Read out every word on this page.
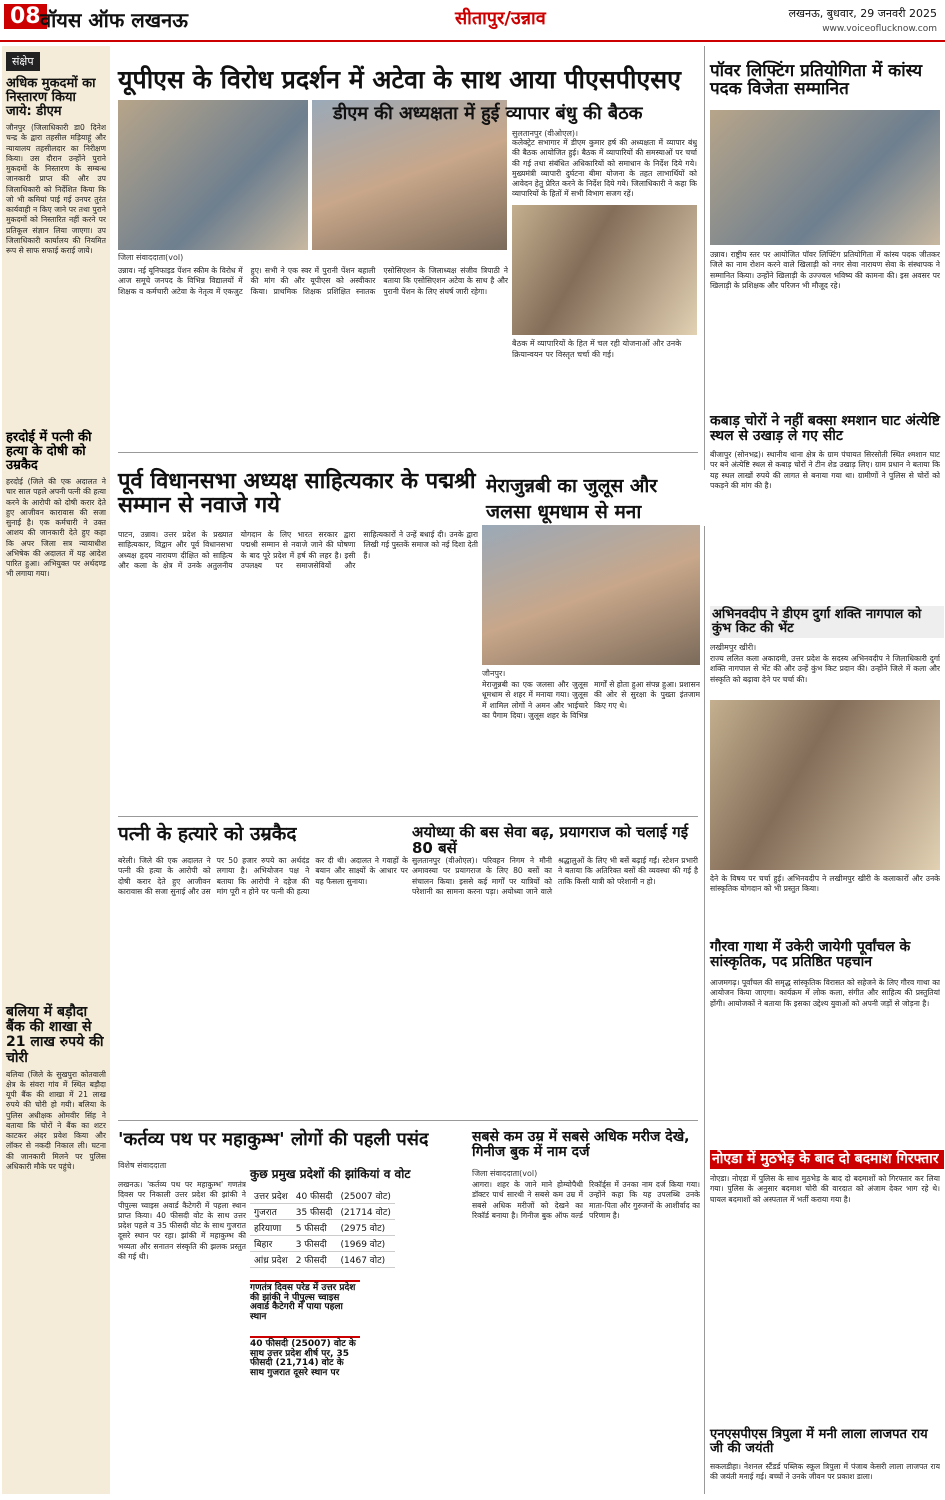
08 वॉयस ऑफ लखनऊ	सीतापुर/उन्नाव	लखनऊ, बुधवार, 29 जनवरी 2025
www.voiceoflucknow.com
संक्षेप
अधिक मुकदमों का निस्तारण किया जाये: डीएम
जौनपुर (जिलाधिकारी डा0 दिनेश चन्द्र के द्वारा तहसील मड़ियाहूं और न्यायालय तहसीलदार का निरीक्षण किया। उस दौरान उन्होंने पुराने मुकदमों के निस्तारण के सम्बन्ध जानकारी प्राप्त की और उप जिलाधिकारी को निर्देशित किया कि जो भी कमियां पाई गई उनपर तुरंत कार्यवाही न किए जाने पर तथा पुराने मुकदमों को निस्तारित नहीं करने पर प्रतिकूल संज्ञान लिया जाएगा। उप जिलाधिकारी कार्यालय की नियमित रूप से साफ सफाई कराई जाये।
हरदोई में पत्नी की हत्या के दोषी को उम्रकैद
हरदोई (जिले की एक अदालत ने चार साल पहले अपनी पत्नी की हत्या करने के आरोपी को दोषी करार देते हुए आजीवन कारावास की सजा सुनाई है। एक कर्मचारी ने उक्त आशय की जानकारी देते हुए कहा कि अपर जिला सत्र न्यायाधीश अभिषेक की अदालत में यह आदेश पारित हुआ। अभियुक्त पर अर्थदण्ड भी लगाया गया।
बलिया में बड़ौदा बैंक की शाखा से 21 लाख रुपये की चोरी
बलिया (जिले के सुखपुरा कोतवाली क्षेत्र के संवरा गांव में स्थित बड़ौदा यूपी बैंक की शाखा में 21 लाख रुपये की चोरी हो गयी। बलिया के पुलिस अधीक्षक ओमवीर सिंह ने बताया कि चोरों ने बैंक का शटर काटकर अंदर प्रवेश किया और लॉकर से नकदी निकाल ली। घटना की जानकारी मिलने पर पुलिस अधिकारी मौके पर पहुंचे।
यूपीएस के विरोध प्रदर्शन में अटेवा के साथ आया पीएसपीएसए
जिला संवाददाता(vol)
उन्नाव। नई यूनिफाइड पेंशन स्कीम के विरोध में आज समूचे जनपद के विभिन्न विद्यालयों में शिक्षक व कर्मचारी अटेवा के नेतृत्व में एकजुट हुए। सभी ने एक स्वर में पुरानी पेंशन बहाली की मांग की और यूपीएस को अस्वीकार किया। प्राथमिक शिक्षक प्रशिक्षित स्नातक एसोसिएशन के जिलाध्यक्ष संजीव त्रिपाठी ने बताया कि एसोसिएशन अटेवा के साथ है और पुरानी पेंशन के लिए संघर्ष जारी रहेगा।
डीएम की अध्यक्षता में हुई व्यापार बंधु की बैठक
सुलतानपुर (वीओएल)।
कलेक्ट्रेट सभागार में डीएम कुमार हर्ष की अध्यक्षता में व्यापार बंधु की बैठक आयोजित हुई। बैठक में व्यापारियों की समस्याओं पर चर्चा की गई तथा संबंधित अधिकारियों को समाधान के निर्देश दिये गये। मुख्यमंत्री व्यापारी दुर्घटना बीमा योजना के तहत लाभार्थियों को आवेदन हेतु प्रेरित करने के निर्देश दिये गये। जिलाधिकारी ने कहा कि व्यापारियों के हितों में सभी विभाग सजग रहें।
बैठक में व्यापारियों के हित में चल रही योजनाओं और उनके क्रियान्वयन पर विस्तृत चर्चा की गई।
पॉवर लिफ्टिंग प्रतियोगिता में कांस्य पदक विजेता सम्मानित
उन्नाव। राष्ट्रीय स्तर पर आयोजित पॉवर लिफ्टिंग प्रतियोगिता में कांस्य पदक जीतकर जिले का नाम रोशन करने वाले खिलाड़ी को नगर सेवा नारायण सेवा के संस्थापक ने सम्मानित किया। उन्होंने खिलाड़ी के उज्ज्वल भविष्य की कामना की। इस अवसर पर खिलाड़ी के प्रशिक्षक और परिजन भी मौजूद रहे।
कबाड़ चोरों ने नहीं बक्सा श्मशान घाट अंत्येष्टि स्थल से उखाड़ ले गए सीट
बीजापुर (सोनभद्र)। स्थानीय थाना क्षेत्र के ग्राम पंचायत सिरसोती स्थित श्मशान घाट पर बने अंत्येष्टि स्थल से कबाड़ चोरों ने टीन शेड उखाड़ लिए। ग्राम प्रधान ने बताया कि यह स्थल लाखों रुपये की लागत से बनाया गया था। ग्रामीणों ने पुलिस से चोरों को पकड़ने की मांग की है।
पूर्व विधानसभा अध्यक्ष साहित्यकार के पद्मश्री सम्मान से नवाजे गये
पाटन, उन्नाव। उत्तर प्रदेश के प्रख्यात साहित्यकार, विद्वान और पूर्व विधानसभा अध्यक्ष हृदय नारायण दीक्षित को साहित्य और कला के क्षेत्र में उनके अतुलनीय योगदान के लिए भारत सरकार द्वारा पद्मश्री सम्मान से नवाजे जाने की घोषणा के बाद पूरे प्रदेश में हर्ष की लहर है। इसी उपलक्ष्य पर समाजसेवियों और साहित्यकारों ने उन्हें बधाई दी। उनके द्वारा लिखी गई पुस्तकें समाज को नई दिशा देती हैं।
मेराजुन्नबी का जुलूस और जलसा धूमधाम से मना
जौनपुर।
मेराजुन्नबी का एक जलसा और जुलूस धूमधाम से शहर में मनाया गया। जुलूस में शामिल लोगों ने अमन और भाईचारे का पैगाम दिया। जुलूस शहर के विभिन्न मार्गों से होता हुआ संपन्न हुआ। प्रशासन की ओर से सुरक्षा के पुख्ता इंतजाम किए गए थे।
पत्नी के हत्यारे को उम्रकैद
बरेली। जिले की एक अदालत ने पत्नी की हत्या के आरोपी को दोषी करार देते हुए आजीवन कारावास की सजा सुनाई और उस पर 50 हजार रुपये का अर्थदंड लगाया है। अभियोजन पक्ष ने बताया कि आरोपी ने दहेज की मांग पूरी न होने पर पत्नी की हत्या कर दी थी। अदालत ने गवाहों के बयान और साक्ष्यों के आधार पर यह फैसला सुनाया।
अयोध्या की बस सेवा बढ़, प्रयागराज को चलाई गई 80 बसें
सुलतानपुर (वीओएल)। परिवहन निगम ने मौनी अमावस्या पर प्रयागराज के लिए 80 बसों का संचालन किया। इससे कई मार्गों पर यात्रियों को परेशानी का सामना करना पड़ा। अयोध्या जाने वाले श्रद्धालुओं के लिए भी बसें बढ़ाई गईं। स्टेशन प्रभारी ने बताया कि अतिरिक्त बसों की व्यवस्था की गई है ताकि किसी यात्री को परेशानी न हो।
अभिनवदीप ने डीएम दुर्गा शक्ति नागपाल को कुंभ किट की भेंट
लखीमपुर खीरी।
राज्य ललित कला अकादमी, उत्तर प्रदेश के सदस्य अभिनवदीप ने जिलाधिकारी दुर्गा शक्ति नागपाल से भेंट की और उन्हें कुंभ किट प्रदान की। उन्होंने जिले में कला और संस्कृति को बढ़ावा देने पर चर्चा की।
देने के विषय पर चर्चा हुई। अभिनवदीप ने लखीमपुर खीरी के कलाकारों और उनके सांस्कृतिक योगदान को भी प्रस्तुत किया।
गौरवा गाथा में उकेरी जायेगी पूर्वांचल के सांस्कृतिक, पद प्रतिष्ठित पहचान
आजमगढ़। पूर्वांचल की समृद्ध सांस्कृतिक विरासत को सहेजने के लिए गौरव गाथा का आयोजन किया जाएगा। कार्यक्रम में लोक कला, संगीत और साहित्य की प्रस्तुतियां होंगी। आयोजकों ने बताया कि इसका उद्देश्य युवाओं को अपनी जड़ों से जोड़ना है।
नोएडा में मुठभेड़ के बाद दो बदमाश गिरफ्तार
नोएडा। नोएडा में पुलिस के साथ मुठभेड़ के बाद दो बदमाशों को गिरफ्तार कर लिया गया। पुलिस के अनुसार बदमाश चोरी की वारदात को अंजाम देकर भाग रहे थे। घायल बदमाशों को अस्पताल में भर्ती कराया गया है।
एनएसपीएस त्रिपुला में मनी लाला लाजपत राय जी की जयंती
सकलडीहा। नेशनल स्टैंडर्ड पब्लिक स्कूल त्रिपुला में पंजाब केसरी लाला लाजपत राय की जयंती मनाई गई। बच्चों ने उनके जीवन पर प्रकाश डाला।
'कर्तव्य पथ पर महाकुम्भ' लोगों की पहली पसंद
विशेष संवाददाता
कुछ प्रमुख प्रदेशों की झांकियां व वोट
उत्तर प्रदेश	40 फीसदी	(25007 वोट)
गुजरात	35 फीसदी	(21714 वोट)
हरियाणा	5 फीसदी	(2975 वोट)
बिहार	3 फीसदी	(1969 वोट)
आंध्र प्रदेश	2 फीसदी	(1467 वोट)
लखनऊ। 'कर्तव्य पथ पर महाकुम्भ' गणतंत्र दिवस पर निकाली उत्तर प्रदेश की झांकी ने पीपुल्स च्वाइस अवार्ड कैटेगरी में पहला स्थान प्राप्त किया। 40 फीसदी वोट के साथ उत्तर प्रदेश पहले व 35 फीसदी वोट के साथ गुजरात दूसरे स्थान पर रहा। झांकी में महाकुम्भ की भव्यता और सनातन संस्कृति की झलक प्रस्तुत की गई थी।
गणतंत्र दिवस परेड में उत्तर प्रदेश की झांकी ने पीपुल्स च्वाइस अवार्ड कैटेगरी में पाया पहला स्थान
40 फीसदी (25007) वोट के साथ उत्तर प्रदेश शीर्ष पर, 35 फीसदी (21,714) वोट के साथ गुजरात दूसरे स्थान पर
सबसे कम उम्र में सबसे अधिक मरीज देखे, गिनीज बुक में नाम दर्ज
जिला संवाददाता(vol)
आगरा। शहर के जाने माने होम्योपैथी डॉक्टर पार्थ सारथी ने सबसे कम उम्र में सबसे अधिक मरीजों को देखने का रिकॉर्ड बनाया है। गिनीज बुक ऑफ वर्ल्ड रिकॉर्ड्स में उनका नाम दर्ज किया गया। उन्होंने कहा कि यह उपलब्धि उनके माता-पिता और गुरुजनों के आशीर्वाद का परिणाम है।
